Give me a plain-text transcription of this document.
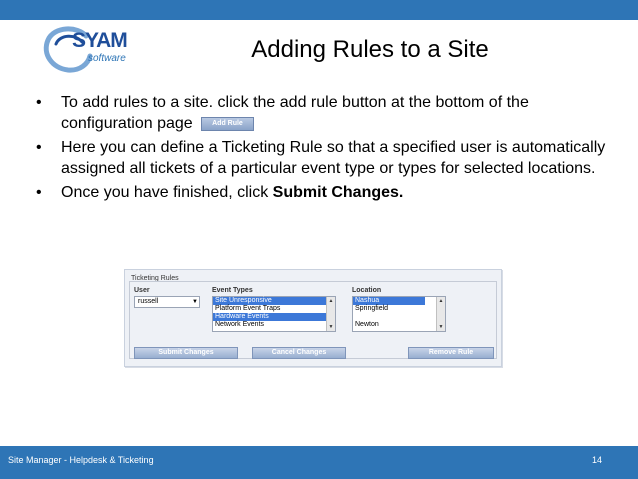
SYAM
software	Adding Rules to a Site
• To add rules to a site. click the add rule button at the bottom of the configuration page	Add Rule
• Here you can define a Ticketing Rule so that a specified user is automatically assigned all tickets of a particular event type or types for selected locations.
• Once you have finished, click Submit Changes.
Ticketing Rules
User
russell	▼
Event Types
Site Unresponsive
Platform Event Traps
Hardware Events
Network Events
▲
▼
Location
Nashua
Springfield
Newton
▲
▼
Submit Changes	Cancel Changes	Remove Rule
Site Manager - Helpdesk & Ticketing	14
